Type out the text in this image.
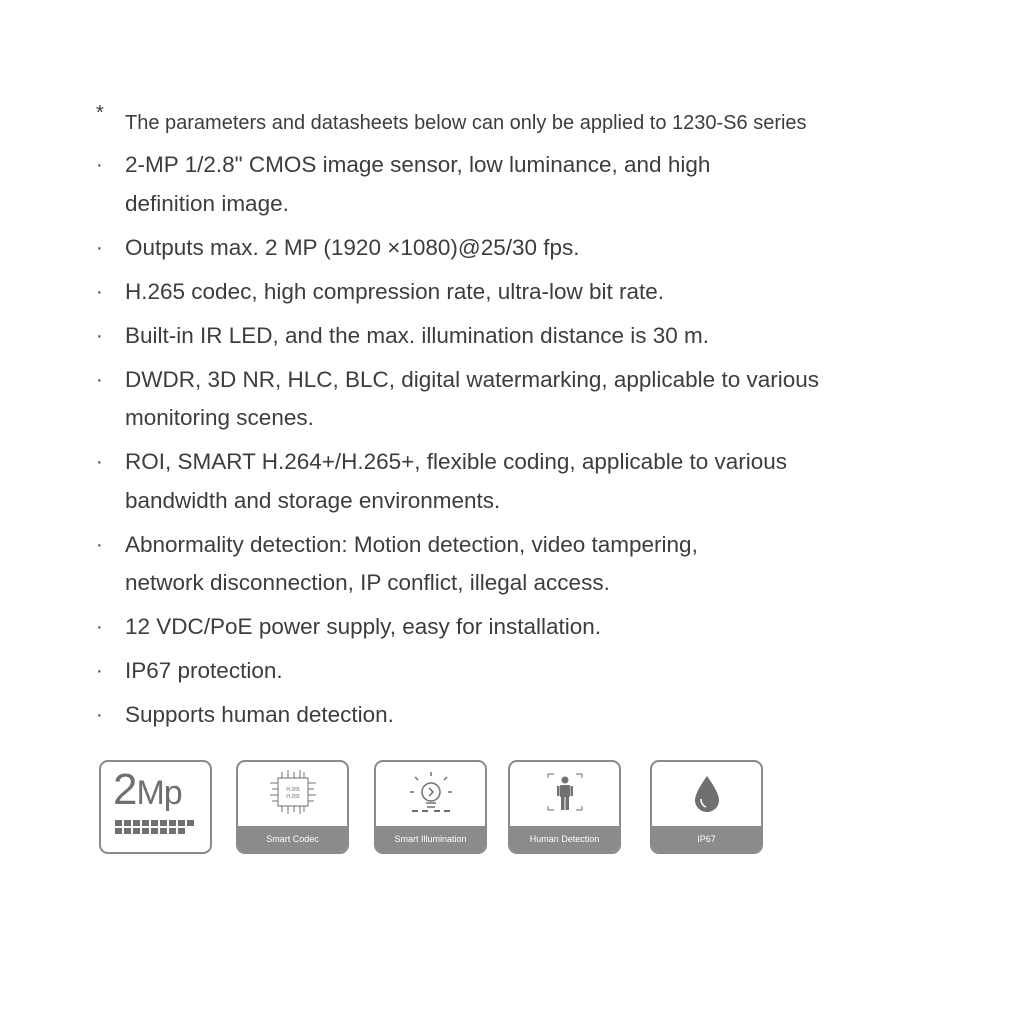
* The parameters and datasheets below can only be applied to 1230-S6 series
· 2-MP 1/2.8" CMOS image sensor, low luminance, and high
definition image.
· Outputs max. 2 MP (1920 ×1080)@25/30 fps.
· H.265 codec, high compression rate, ultra-low bit rate.
· Built-in IR LED, and the max. illumination distance is 30 m.
· DWDR, 3D NR, HLC, BLC, digital watermarking, applicable to various
monitoring scenes.
· ROI, SMART H.264+/H.265+, flexible coding, applicable to various
bandwidth and storage environments.
· Abnormality detection: Motion detection, video tampering,
network disconnection, IP conflict, illegal access.
· 12 VDC/PoE power supply, easy for installation.
· IP67 protection.
· Supports human detection.
2Mp	H.265
H.265
Smart Codec	Smart Illumination	Human Detection	IP67
